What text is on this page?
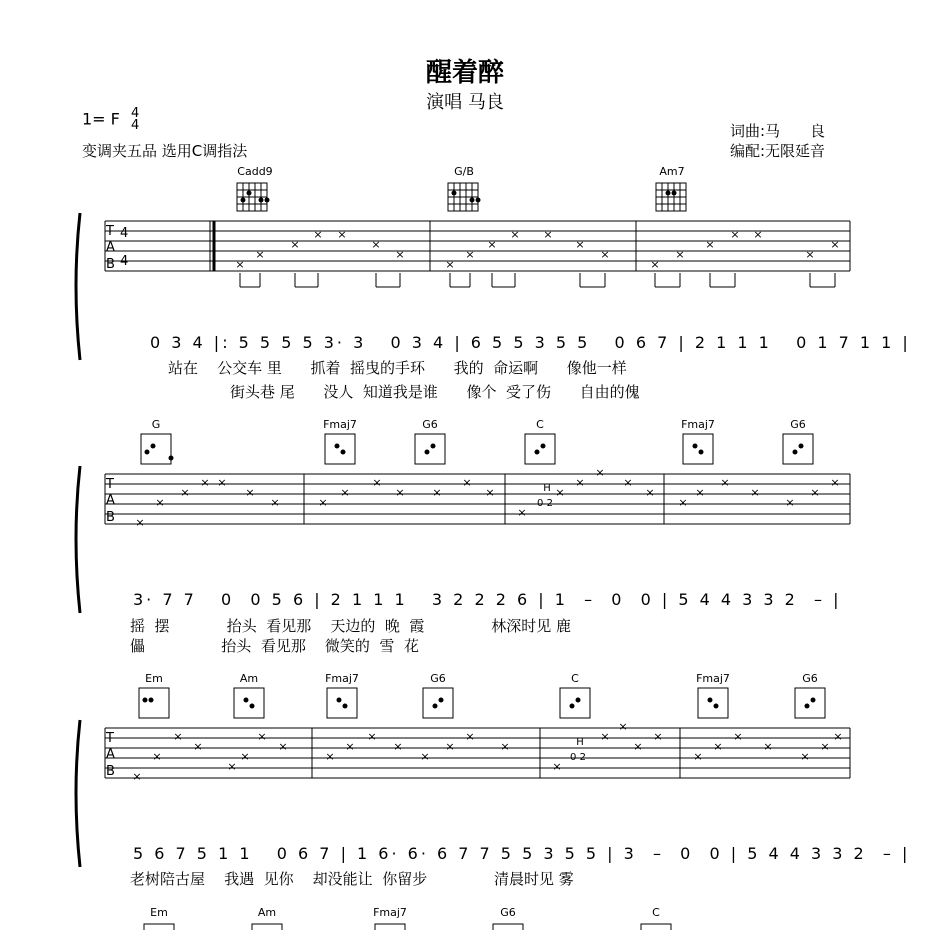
醒着醉
演唱 马良
1= F 4
4
变调夹五品 选用C调指法
词曲:马　　良
编配:无限延音
Cadd9	G/B	Am7
T
A
B
4
4	×
×
×
× ×
×
×
×
×
×
× ×
×
×
×
×
×
× ×
×
×
0 3 4 |: 5 5 5 5 3· 3   0 3 4 | 6 5 5 3 5 5   0 6 7 | 2 1 1 1   0 1 7 1 1 |
站在    公交车 里      抓着  摇曳的手环      我的  命运啊      像他一样
街头巷 尾      没人  知道我是谁      像个  受了伤      自由的傀
G	Fmaj7	G6	C	Fmaj7	G6
T
A
B ×
×
×
× ×
×
×	×
×
×
×	×
×
×
×
×
×
×
×
×
×
×
×
×
×
×
×
H
0 2
3· 7 7   0  0 5 6 | 2 1 1 1   3 2 2 2 6 | 1  –  0  0 | 5 4 4 3 3 2  – |
摇  摆            抬头  看见那    天边的  晚  霞              林深时见 鹿
儡                抬头  看见那    微笑的  雪  花
Em	Am	Fmaj7	G6	C	Fmaj7	G6
T
A
B ×
×
×
×
×
×
×
×
×
×
×
×
×
×
×
×
×
×
×
×
×
×
×
×
×
×
×
×
H
0 2
5 6 7 5 1 1   0 6 7 | 1 6· 6· 6 7 7 5 5 3 5 5 | 3  –  0  0 | 5 4 4 3 3 2  – |
老树陪古屋    我遇  见你    却没能让  你留步              清晨时见 雾
Em	Am	Fmaj7	G6	C
